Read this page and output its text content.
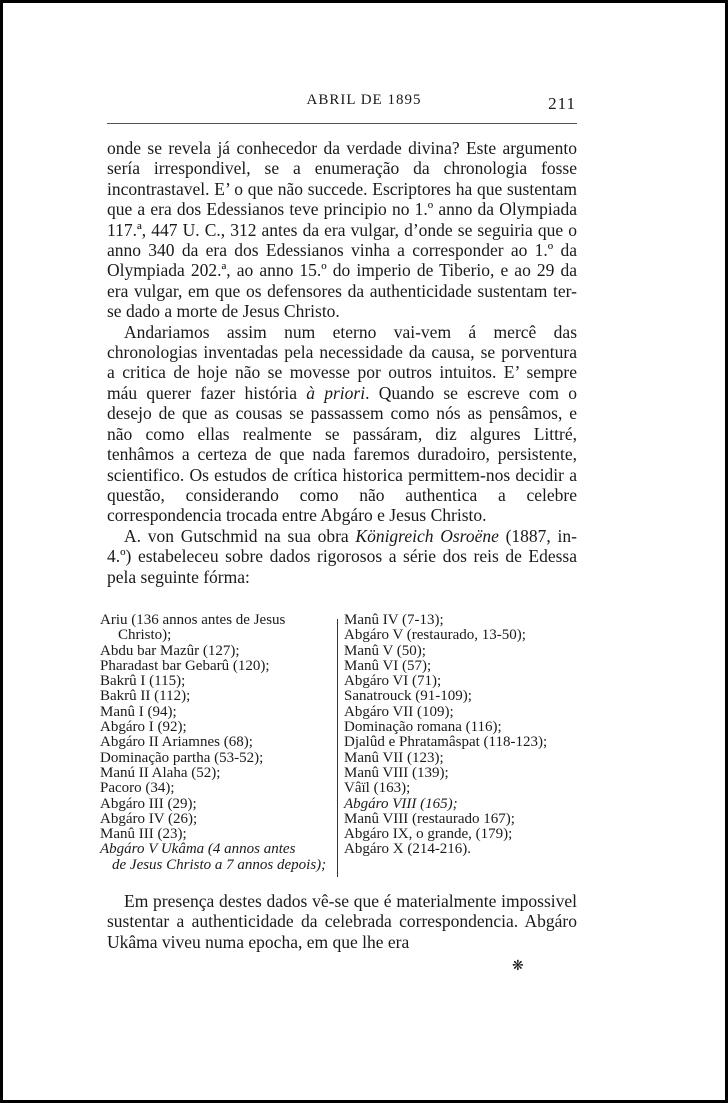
ABRIL DE 1895	211

onde se revela já conhecedor da verdade divina? Este argumento sería irrespondivel, se a enumeração da chronologia fosse incontrastavel. E’ o que não succede. Escriptores ha que sustentam que a era dos Edessianos teve principio no 1.º anno da Olympiada 117.ª, 447 U. C., 312 antes da era vulgar, d’onde se seguiria que o anno 340 da era dos Edessianos vinha a corresponder ao 1.º da Olympiada 202.ª, ao anno 15.º do imperio de Tiberio, e ao 29 da era vulgar, em que os defensores da authenticidade sustentam ter-se dado a morte de Jesus Christo.

Andariamos assim num eterno vai-vem á mercê das chronologias inventadas pela necessidade da causa, se porventura a critica de hoje não se movesse por outros intuitos. E’ sempre máu querer fazer história à priori. Quando se escreve com o desejo de que as cousas se passassem como nós as pensâmos, e não como ellas realmente se passáram, diz algures Littré, tenhâmos a certeza de que nada faremos duradoiro, persistente, scientifico. Os estudos de crítica historica permittem-nos decidir a questão, considerando como não authentica a celebre correspondencia trocada entre Abgáro e Jesus Christo.

A. von Gutschmid na sua obra Königreich Osroëne (1887, in-4.º) estabeleceu sobre dados rigorosos a série dos reis de Edessa pela seguinte fórma:

Ariu (136 annos antes de Jesus
Christo);
Abdu bar Mazûr (127);
Pharadast bar Gebarû (120);
Bakrû I (115);
Bakrû II (112);
Manû I (94);
Abgáro I (92);
Abgáro II Ariamnes (68);
Dominação partha (53-52);
Manú II Alaha (52);
Pacoro (34);
Abgáro III (29);
Abgáro IV (26);
Manû III (23);
Abgáro V Ukâma (4 annos antes
de Jesus Christo a 7 annos depois);
Manû IV (7-13);
Abgáro V (restaurado, 13-50);
Manû V (50);
Manû VI (57);
Abgáro VI (71);
Sanatrouck (91-109);
Abgáro VII (109);
Dominação romana (116);
Djalûd e Phratamâspat (118-123);
Manû VII (123);
Manû VIII (139);
Vâïl (163);
Abgáro VIII (165);
Manû VIII (restaurado 167);
Abgáro IX, o grande, (179);
Abgáro X (214-216).

Em presença destes dados vê-se que é materialmente impossivel sustentar a authenticidade da celebrada correspondencia. Abgáro Ukâma viveu numa epocha, em que lhe era

❋
